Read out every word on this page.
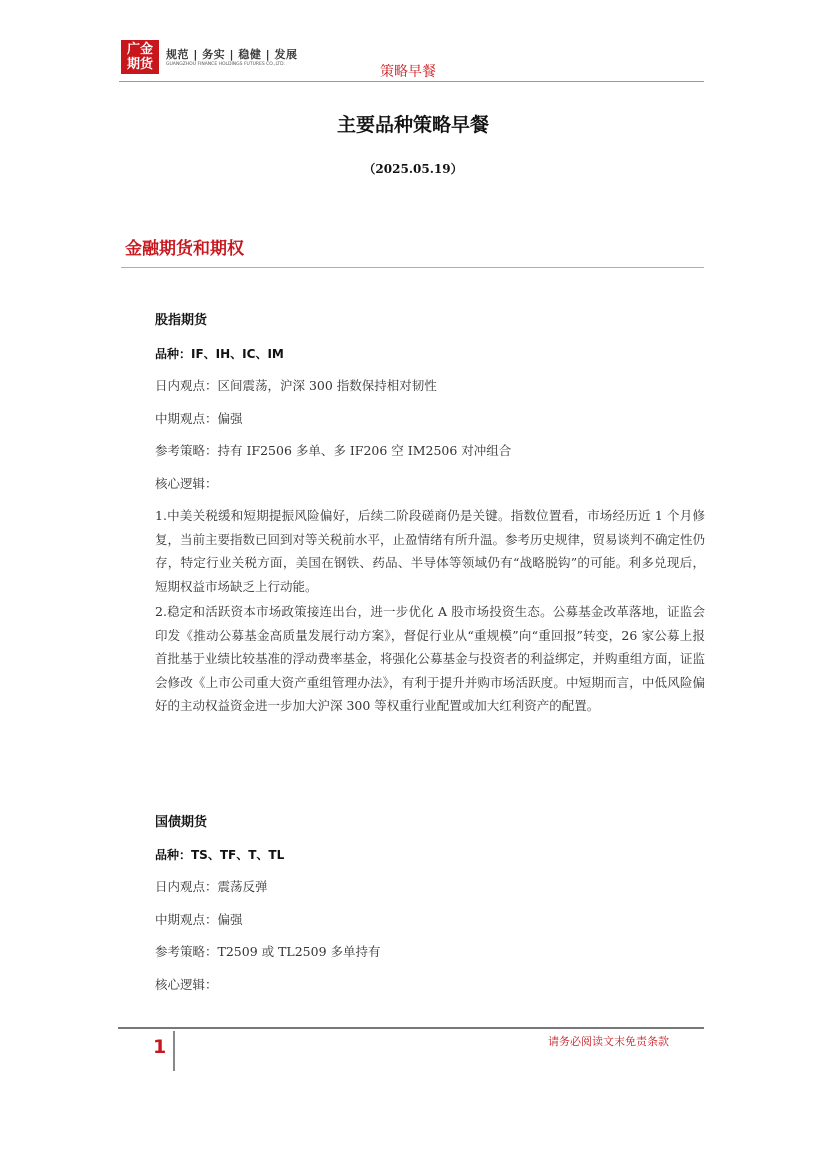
广金
期货
规范 | 务实 | 稳健 | 发展
GUANGZHOU FINANCE HOLDINGS FUTURES CO.,LTD.	策略早餐
主要品种策略早餐
（2025.05.19）
金融期货和期权
股指期货
品种：IF、IH、IC、IM
日内观点：区间震荡，沪深 300 指数保持相对韧性
中期观点：偏强
参考策略：持有 IF2506 多单、多 IF206 空 IM2506 对冲组合
核心逻辑：
1.中美关税缓和短期提振风险偏好，后续二阶段磋商仍是关键。指数位置看，市场经历近 1 个月修复，当前主要指数已回到对等关税前水平，止盈情绪有所升温。参考历史规律，贸易谈判不确定性仍存，特定行业关税方面，美国在钢铁、药品、半导体等领域仍有“战略脱钩”的可能。利多兑现后，短期权益市场缺乏上行动能。
2.稳定和活跃资本市场政策接连出台，进一步优化 A 股市场投资生态。公募基金改革落地，证监会印发《推动公募基金高质量发展行动方案》，督促行业从“重规模”向“重回报”转变，26 家公募上报首批基于业绩比较基准的浮动费率基金，将强化公募基金与投资者的利益绑定，并购重组方面，证监会修改《上市公司重大资产重组管理办法》，有利于提升并购市场活跃度。中短期而言，中低风险偏好的主动权益资金进一步加大沪深 300 等权重行业配置或加大红利资产的配置。
国债期货
品种：TS、TF、T、TL
日内观点：震荡反弹
中期观点：偏强
参考策略：T2509 或 TL2509 多单持有
核心逻辑：
1	请务必阅读文末免责条款
